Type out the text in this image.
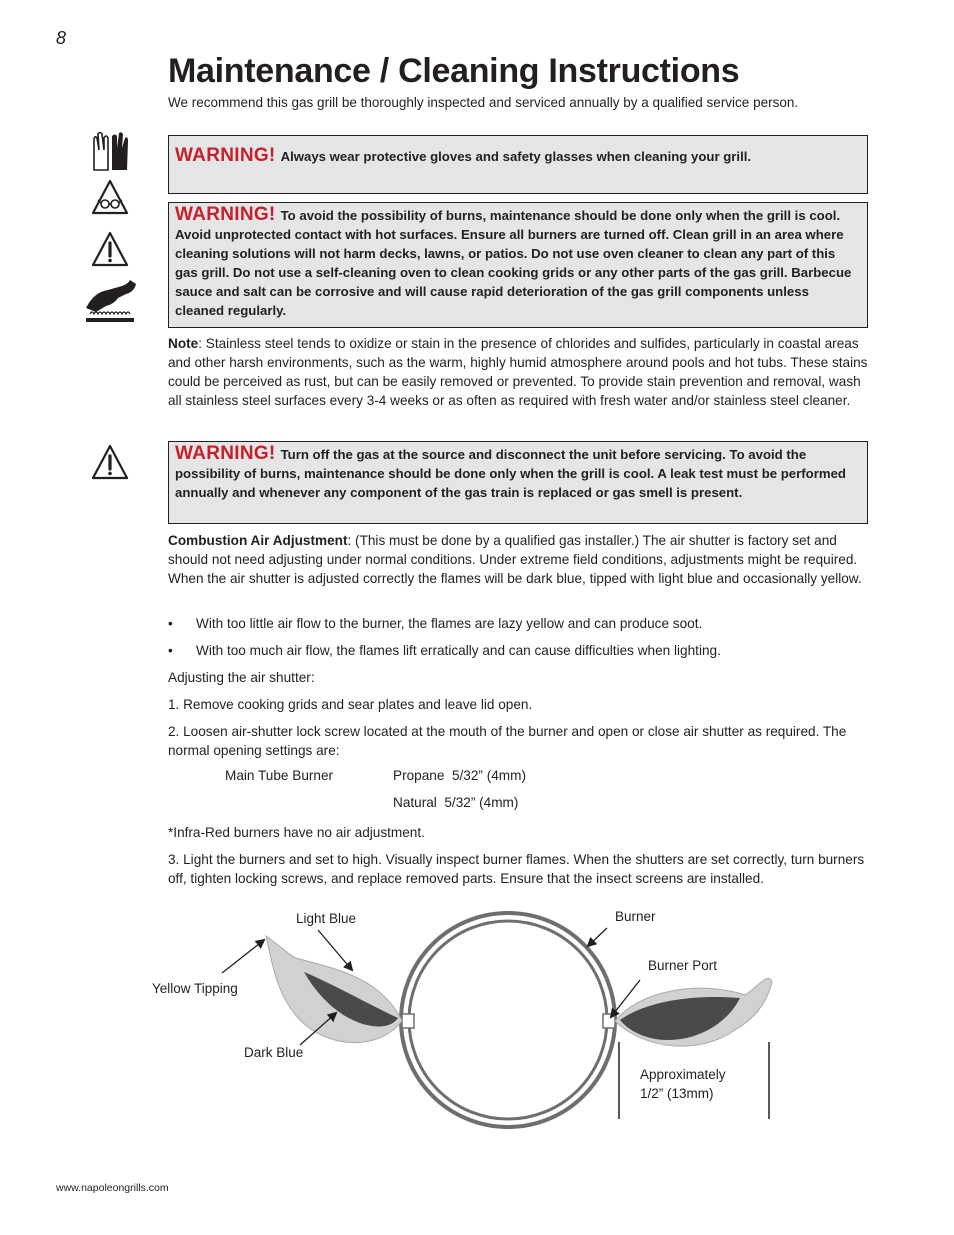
8
Maintenance / Cleaning Instructions
We recommend this gas grill be thoroughly inspected and serviced annually by a qualified service person.
WARNING! Always wear protective gloves and safety glasses when cleaning your grill.
WARNING! To avoid the possibility of burns, maintenance should be done only when the grill is cool. Avoid unprotected contact with hot surfaces. Ensure all burners are turned off. Clean grill in an area where cleaning solutions will not harm decks, lawns, or patios. Do not use oven cleaner to clean any part of this gas grill. Do not use a self-cleaning oven to clean cooking grids or any other parts of the gas grill. Barbecue sauce and salt can be corrosive and will cause rapid deterioration of the gas grill components unless cleaned regularly.
Note: Stainless steel tends to oxidize or stain in the presence of chlorides and sulfides, particularly in coastal areas and other harsh environments, such as the warm, highly humid atmosphere around pools and hot tubs. These stains could be perceived as rust, but can be easily removed or prevented. To provide stain prevention and removal, wash all stainless steel surfaces every 3-4 weeks or as often as required with fresh water and/or stainless steel cleaner.
WARNING! Turn off the gas at the source and disconnect the unit before servicing. To avoid the possibility of burns, maintenance should be done only when the grill is cool. A leak test must be performed annually and whenever any component of the gas train is replaced or gas smell is present.
Combustion Air Adjustment: (This must be done by a qualified gas installer.) The air shutter is factory set and should not need adjusting under normal conditions. Under extreme field conditions, adjustments might be required. When the air shutter is adjusted correctly the flames will be dark blue, tipped with light blue and occasionally yellow.
• With too little air flow to the burner, the flames are lazy yellow and can produce soot.
• With too much air flow, the flames lift erratically and can cause difficulties when lighting.
Adjusting the air shutter:
1. Remove cooking grids and sear plates and leave lid open.
2. Loosen air-shutter lock screw located at the mouth of the burner and open or close air shutter as required. The normal opening settings are:
Main Tube Burner	Propane  5/32” (4mm)
Natural  5/32” (4mm)
*Infra-Red burners have no air adjustment.
3. Light the burners and set to high. Visually inspect burner flames. When the shutters are set correctly, turn burners off, tighten locking screws, and replace removed parts. Ensure that the insect screens are installed.
Light Blue
Yellow Tipping
Dark Blue
Burner
Burner Port
Approximately
1/2” (13mm)
www.napoleongrills.com
